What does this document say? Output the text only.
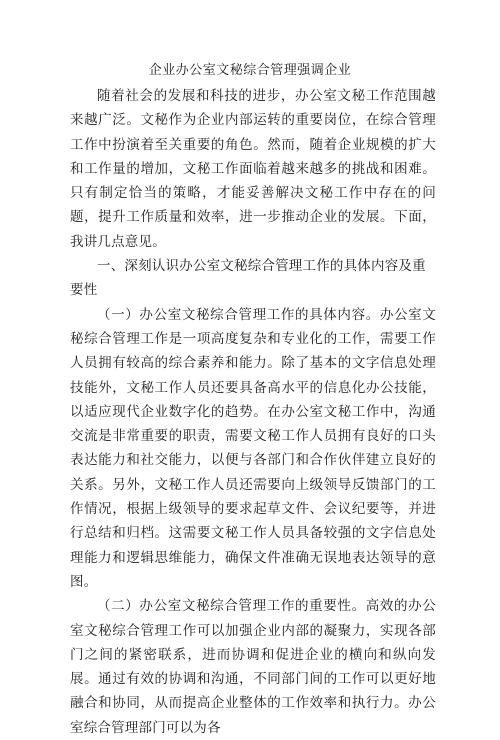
企业办公室文秘综合管理强调企业

随着社会的发展和科技的进步，办公室文秘工作范围越来越广泛。文秘作为企业内部运转的重要岗位，在综合管理工作中扮演着至关重要的角色。然而，随着企业规模的扩大和工作量的增加，文秘工作面临着越来越多的挑战和困难。只有制定恰当的策略，才能妥善解决文秘工作中存在的问题，提升工作质量和效率，进一步推动企业的发展。下面，我讲几点意见。

一、深刻认识办公室文秘综合管理工作的具体内容及重要性

（一）办公室文秘综合管理工作的具体内容。办公室文秘综合管理工作是一项高度复杂和专业化的工作，需要工作人员拥有较高的综合素养和能力。除了基本的文字信息处理技能外，文秘工作人员还要具备高水平的信息化办公技能，以适应现代企业数字化的趋势。在办公室文秘工作中，沟通交流是非常重要的职责，需要文秘工作人员拥有良好的口头表达能力和社交能力，以便与各部门和合作伙伴建立良好的关系。另外，文秘工作人员还需要向上级领导反馈部门的工作情况，根据上级领导的要求起草文件、会议纪要等，并进行总结和归档。这需要文秘工作人员具备较强的文字信息处理能力和逻辑思维能力，确保文件准确无误地表达领导的意图。

（二）办公室文秘综合管理工作的重要性。高效的办公室文秘综合管理工作可以加强企业内部的凝聚力，实现各部门之间的紧密联系，进而协调和促进企业的横向和纵向发展。通过有效的协调和沟通，不同部门间的工作可以更好地融合和协同，从而提高企业整体的工作效率和执行力。办公室综合管理部门可以为各
